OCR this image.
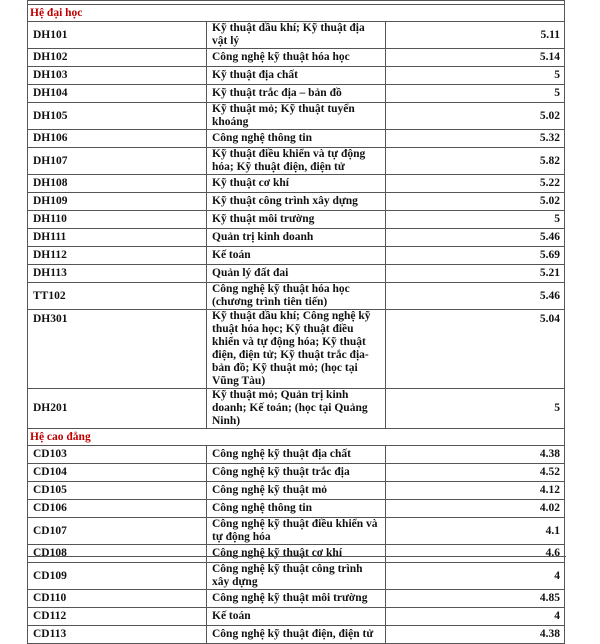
Hệ đại học		
DH101	Kỹ thuật dầu khí; Kỹ thuật địa vật lý	5.11
DH102	Công nghệ kỹ thuật hóa học	5.14
DH103	Kỹ thuật địa chất	5
DH104	Kỹ thuật trắc địa – bản đồ	5
DH105	Kỹ thuật mỏ; Kỹ thuật tuyển khoáng	5.02
DH106	Công nghệ thông tin	5.32
DH107	Kỹ thuật điều khiển và tự động hóa; Kỹ thuật điện, điện tử	5.82
DH108	Kỹ thuật cơ khí	5.22
DH109	Kỹ thuật công trình xây dựng	5.02
DH110	Kỹ thuật môi trường	5
DH111	Quản trị kinh doanh	5.46
DH112	Kế toán	5.69
DH113	Quản lý đất đai	5.21
TT102	Công nghệ kỹ thuật hóa học (chương trình tiên tiến)	5.46
DH301	Kỹ thuật dầu khí; Công nghệ kỹ thuật hóa học; Kỹ thuật điều khiển và tự động hóa; Kỹ thuật điện, điện tử; Kỹ thuật trắc địa-bản đồ; Kỹ thuật mỏ; (học tại Vũng Tàu)	5.04
DH201	Kỹ thuật mỏ; Quản trị kinh doanh; Kế toán; (học tại Quảng Ninh)	5
Hệ cao đẳng		
CD103	Công nghệ kỹ thuật địa chất	4.38
CD104	Công nghệ kỹ thuật trắc địa	4.52
CD105	Công nghệ kỹ thuật mỏ	4.12
CD106	Công nghệ thông tin	4.02
CD107	Công nghệ kỹ thuật điều khiển và tự động hóa	4.1
CD108	Công nghệ kỹ thuật cơ khí	4.6
CD109	Công nghệ kỹ thuật công trình xây dựng	4
CD110	Công nghệ kỹ thuật môi trường	4.85
CD112	Kế toán	4
CD113	Công nghệ kỹ thuật điện, điện tử	4.38
